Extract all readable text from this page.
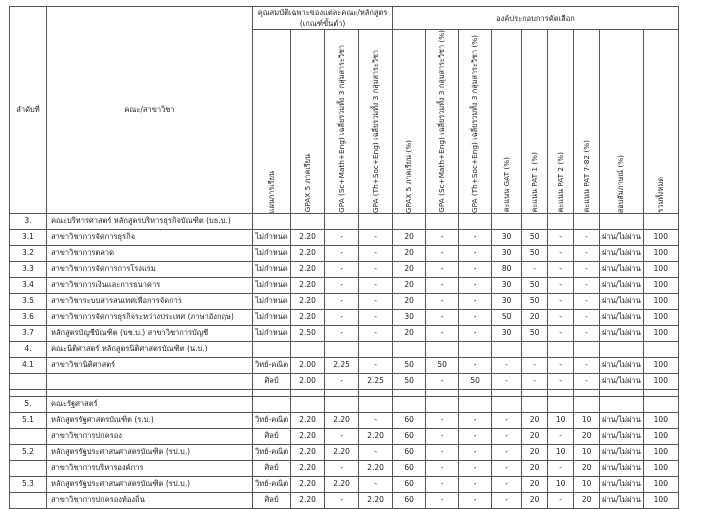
ลำดับที่	คณะ/สาขาวิชา	คุณสมบัติเฉพาะของแต่ละคณะ/หลักสูตร (เกณฑ์ขั้นต่ำ)				องค์ประกอบการคัดเลือก								

		แผนการเรียน	GPAX 5 ภาคเรียน	GPA (Sc+Math+Eng) เฉลี่ยรวมทั้ง 3 กลุ่มสาระวิชา	GPA (Th+Soc+Eng) เฉลี่ยรวมทั้ง 3 กลุ่มสาระวิชา	GPAX 5 ภาคเรียน (%)	GPA (Sc+Math+Eng) เฉลี่ยรวมทั้ง 3 กลุ่มสาระวิชา (%)	GPA (Th+Soc+Eng) เฉลี่ยรวมทั้ง 3 กลุ่มสาระวิชา (%)	คะแนน GAT (%)	คะแนน PAT 1 (%)	คะแนน PAT 2 (%)	คะแนน PAT 7-82 (%)	สอบสัมภาษณ์ (%)	รวมทั้งหมด

3.	คณะบริหารศาสตร์ หลักสูตรบริหารธุรกิจบัณฑิต (บธ.บ.)													
3.1	สาขาวิชาการจัดการธุรกิจ	ไม่กำหนด	2.20	-	-	20	-	-	30	50	-	-	ผ่าน/ไม่ผ่าน	100
3.2	สาขาวิชาการตลาด	ไม่กำหนด	2.20	-	-	20	-	-	30	50	-	-	ผ่าน/ไม่ผ่าน	100
3.3	สาขาวิชาการจัดการการโรงแรม	ไม่กำหนด	2.20	-	-	20	-	-	80	-	-	-	ผ่าน/ไม่ผ่าน	100
3.4	สาขาวิชาการเงินและการธนาคาร	ไม่กำหนด	2.20	-	-	20	-	-	30	50	-	-	ผ่าน/ไม่ผ่าน	100
3.5	สาขาวิชาระบบสารสนเทศเพื่อการจัดการ	ไม่กำหนด	2.20	-	-	20	-	-	30	50	-	-	ผ่าน/ไม่ผ่าน	100
3.6	สาขาวิชาการจัดการธุรกิจระหว่างประเทศ (ภาษาอังกฤษ)	ไม่กำหนด	2.20	-	-	30	-	-	50	20	-	-	ผ่าน/ไม่ผ่าน	100
3.7	หลักสูตรบัญชีบัณฑิต (บช.บ.) สาขาวิชาการบัญชี	ไม่กำหนด	2.50	-	-	20	-	-	30	50	-	-	ผ่าน/ไม่ผ่าน	100
4.	คณะนิติศาสตร์ หลักสูตรนิติศาสตรบัณฑิต (น.บ.)													
4.1	สาขาวิชานิติศาสตร์	วิทย์-คณิต	2.00	2.25	-	50	50	-	-	-	-	-	ผ่าน/ไม่ผ่าน	100
		ศิลป์	2.00	-	2.25	50	-	50	-	-	-	-	ผ่าน/ไม่ผ่าน	100

5.	คณะรัฐศาสตร์													
5.1	หลักสูตรรัฐศาสตรบัณฑิต (ร.บ.)	วิทย์-คณิต	2.20	2.20	-	60	-	-	-	20	10	10	ผ่าน/ไม่ผ่าน	100
	สาขาวิชาการปกครอง	ศิลป์	2.20	-	2.20	60	-	-	-	20	-	20	ผ่าน/ไม่ผ่าน	100
5.2	หลักสูตรรัฐประศาสนศาสตรบัณฑิต (รป.บ.)	วิทย์-คณิต	2.20	2.20	-	60	-	-	-	20	10	10	ผ่าน/ไม่ผ่าน	100
	สาขาวิชาการบริหารองค์การ	ศิลป์	2.20	-	2.20	60	-	-	-	20	-	20	ผ่าน/ไม่ผ่าน	100
5.3	หลักสูตรรัฐประศาสนศาสตรบัณฑิต (รป.บ.)	วิทย์-คณิต	2.20	2.20	-	60	-	-	-	20	10	10	ผ่าน/ไม่ผ่าน	100
	สาขาวิชาการปกครองท้องถิ่น	ศิลป์	2.20	-	2.20	60	-	-	-	20	-	20	ผ่าน/ไม่ผ่าน	100
